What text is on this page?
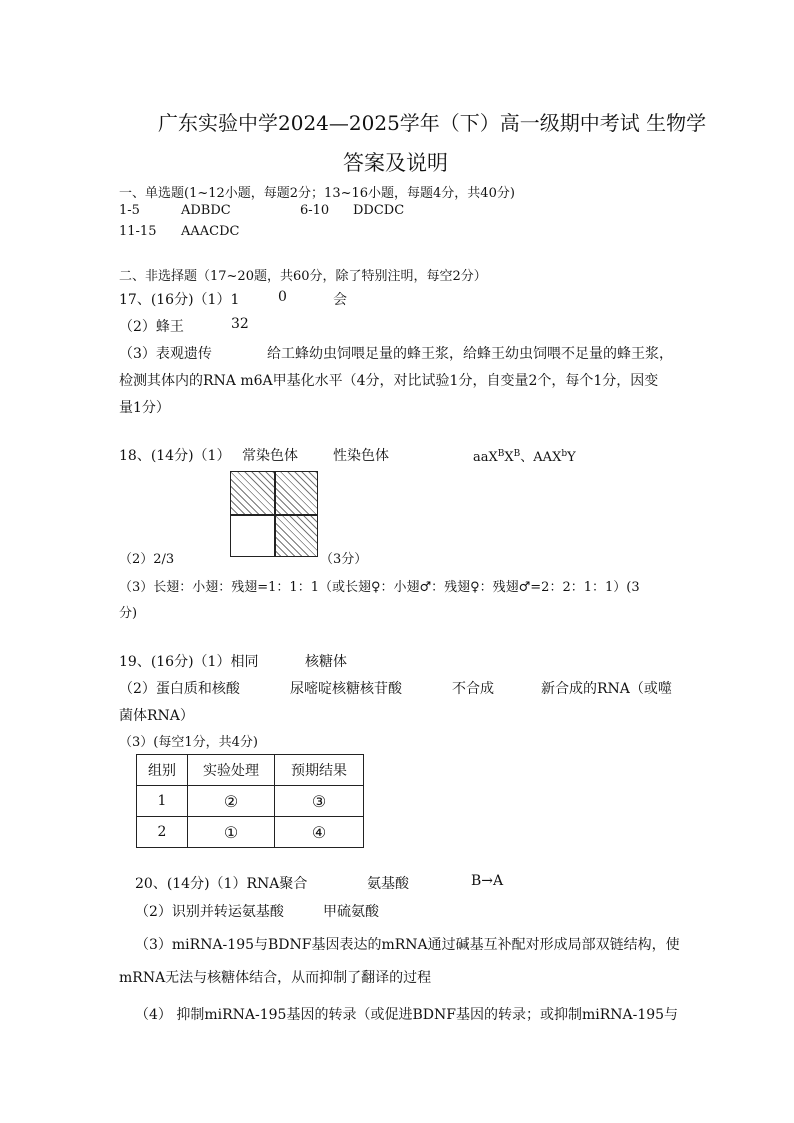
广东实验中学2024—2025学年（下）高一级期中考试 生物学
答案及说明
一、单选题(1~12小题，每题2分；13~16小题，每题4分，共40分)
1-5	ADBDC	6-10 DDCDC
11-15 AAACDC
二、非选择题（17~20题，共60分，除了特别注明，每空2分）
17、(16分)（1）1	0	会
（2）蜂王	32
（3）表观遗传	给工蜂幼虫饲喂足量的蜂王浆，给蜂王幼虫饲喂不足量的蜂王浆，
检测其体内的RNA m6A甲基化水平（4分，对比试验1分，自变量2个，每个1分，因变
量1分）
18、(14分)（1） 常染色体	性染色体	$aaX^BX^B$、AAX$^b$Y
（2）2/3	（3分）
（3）长翅：小翅：残翅=1：1：1（或长翅♀：小翅♂：残翅♀：残翅♂=2：2：1：1）(3
分)
19、(16分)（1）相同	核糖体
（2）蛋白质和核酸	尿嘧啶核糖核苷酸	不合成	新合成的RNA（或噬
菌体RNA）
（3）(每空1分，共4分)
组别	实验处理	预期结果
1	②	③
2	①	④
20、(14分)（1）RNA聚合	氨基酸	B→A
（2）识别并转运氨基酸	甲硫氨酸
（3）miRNA-195与BDNF基因表达的mRNA通过碱基互补配对形成局部双链结构，使
mRNA无法与核糖体结合，从而抑制了翻译的过程
（4） 抑制miRNA-195基因的转录（或促进BDNF基因的转录；或抑制miRNA-195与
